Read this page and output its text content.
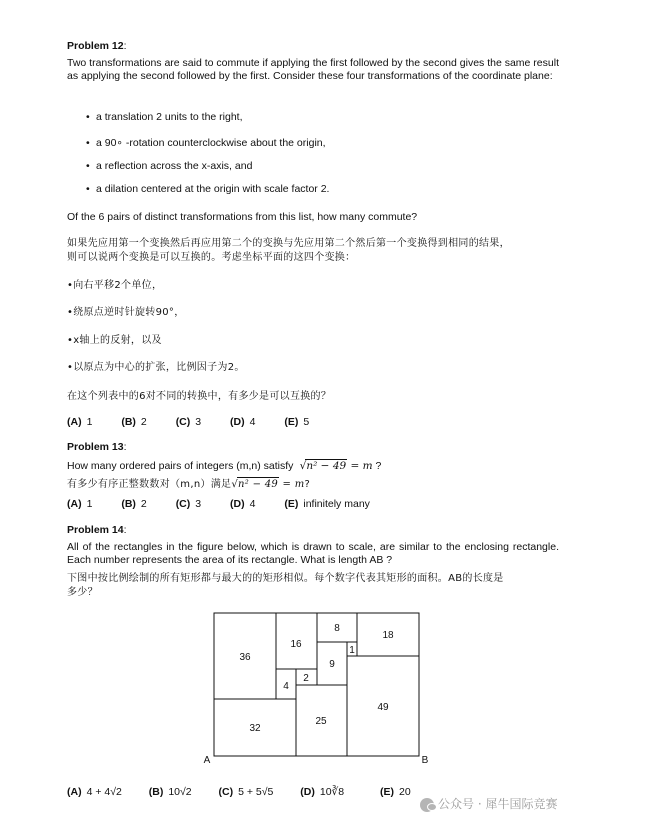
Problem 12:
Two transformations are said to commute if applying the first followed by the second gives the same result as applying the second followed by the first. Consider these four transformations of the coordinate plane:
• a translation 2 units to the right,
• a 90∘ -rotation counterclockwise about the origin,
• a reflection across the x-axis, and
• a dilation centered at the origin with scale factor 2.
Of the 6 pairs of distinct transformations from this list, how many commute?
如果先应用第一个变换然后再应用第二个的变换与先应用第二个然后第一个变换得到相同的结果，
则可以说两个变换是可以互换的。考虑坐标平面的这四个变换：
•向右平移2个单位，
•绕原点逆时针旋转90°，
•x轴上的反射，以及
•以原点为中心的扩张，比例因子为2。
在这个列表中的6对不同的转换中，有多少是可以互换的？
(A) 1	(B) 2	(C) 3	(D) 4	(E) 5
Problem 13:
How many ordered pairs of integers (m,n) satisfy  √n² − 49 = m ?
有多少有序正整数数对（m,n）满足√n² − 49 = m?
(A) 1	(B) 2	(C) 3	(D) 4	(E) infinitely many
Problem 14:
All of the rectangles in the figure below, which is drawn to scale, are similar to the enclosing rectangle. Each number represents the area of its rectangle. What is length AB ?
下图中按比例绘制的所有矩形都与最大的的矩形相似。每个数字代表其矩形的面积。AB的长度是
多少？
36
16
8
18
1
9
4
2
32
25
49
A	B
(A) 4 + 4√2	(B) 10√2	(C) 5 + 5√5	(D) 10∛8	(E) 20
公众号 · 犀牛国际竞赛
